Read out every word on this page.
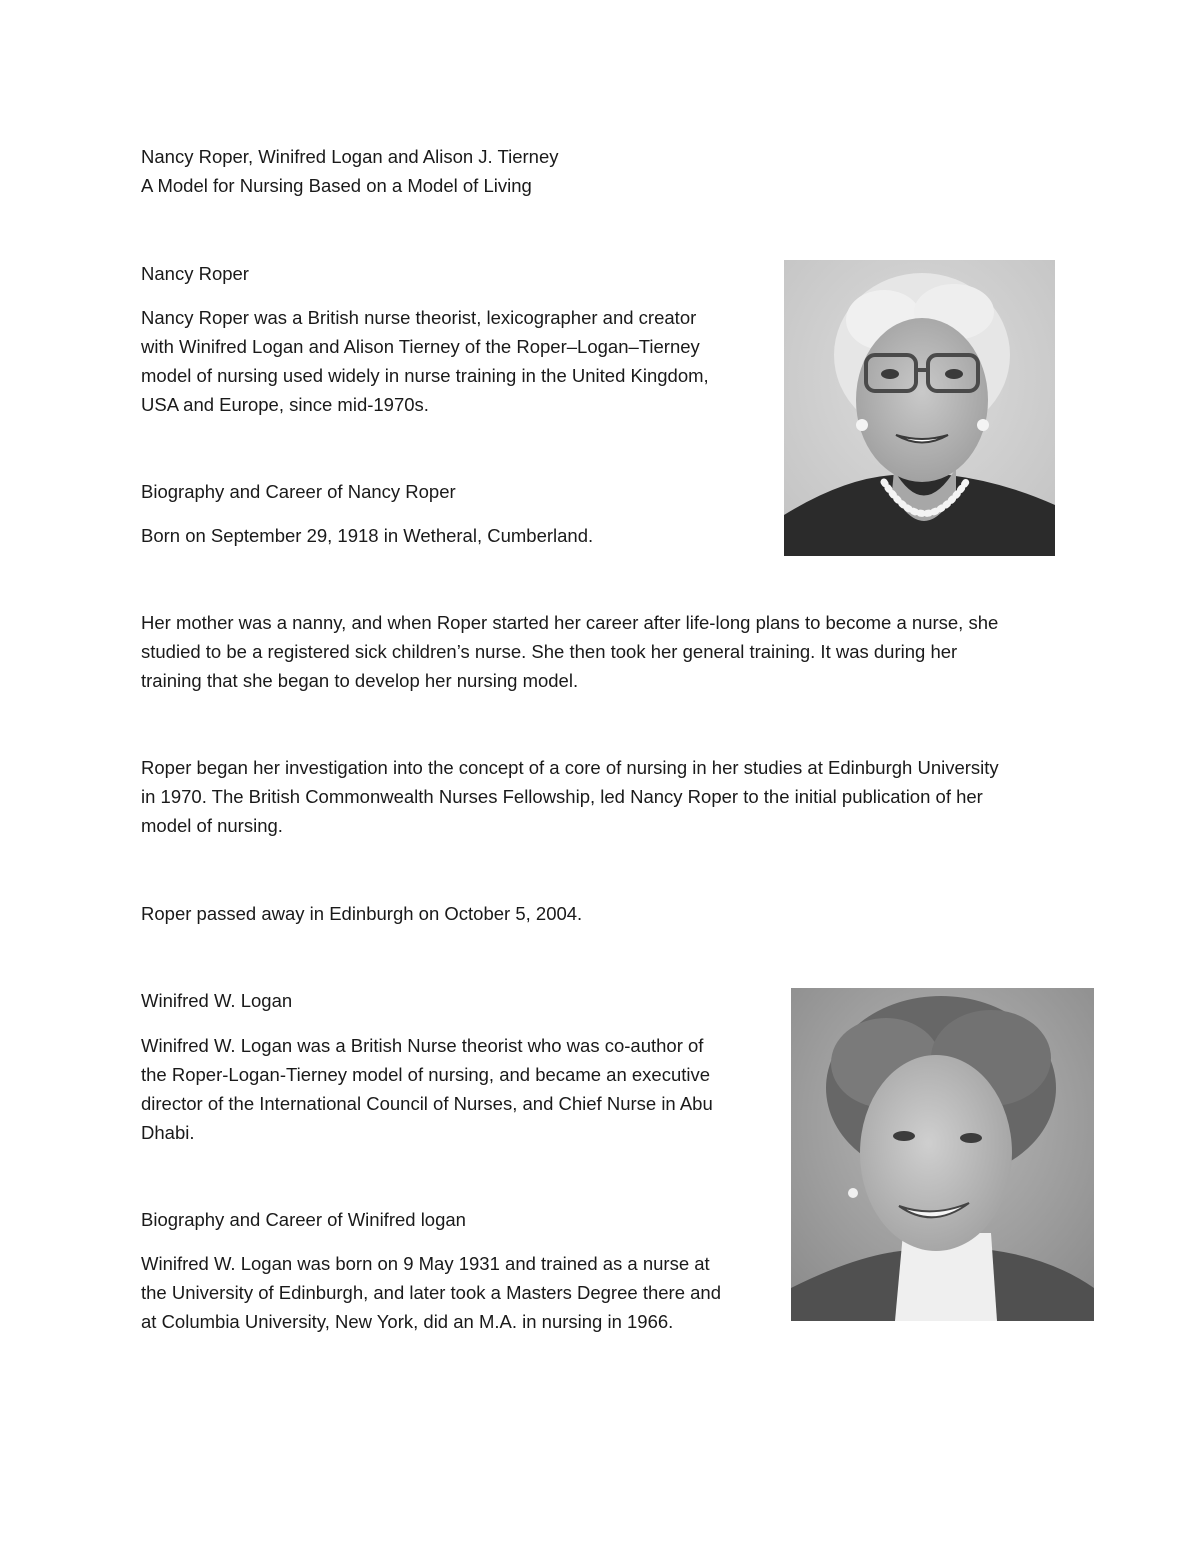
Nancy Roper, Winifred Logan and Alison J. Tierney

A Model for Nursing Based on a Model of Living

Nancy Roper

Nancy Roper was a British nurse theorist, lexicographer and creator
with Winifred Logan and Alison Tierney of the Roper–Logan–Tierney
model of nursing used widely in nurse training in the United Kingdom,
USA and Europe, since mid-1970s.

Biography and Career of Nancy Roper

Born on September 29, 1918 in Wetheral, Cumberland.

Her mother was a nanny, and when Roper started her career after life-long plans to become a nurse, she
studied to be a registered sick children’s nurse. She then took her general training. It was during her
training that she began to develop her nursing model.
Roper began her investigation into the concept of a core of nursing in her studies at Edinburgh University
in 1970. The British Commonwealth Nurses Fellowship, led Nancy Roper to the initial publication of her
model of nursing.

Roper passed away in Edinburgh on October 5, 2004.

Winifred W. Logan

Winifred W. Logan was a British Nurse theorist who was co-author of
the Roper-Logan-Tierney model of nursing, and became an executive
director of the International Council of Nurses, and Chief Nurse in Abu
Dhabi.

Biography and Career of Winifred logan

Winifred W. Logan was born on 9 May 1931 and trained as a nurse at
the University of Edinburgh, and later took a Masters Degree there and
at Columbia University, New York, did an M.A. in nursing in 1966.
